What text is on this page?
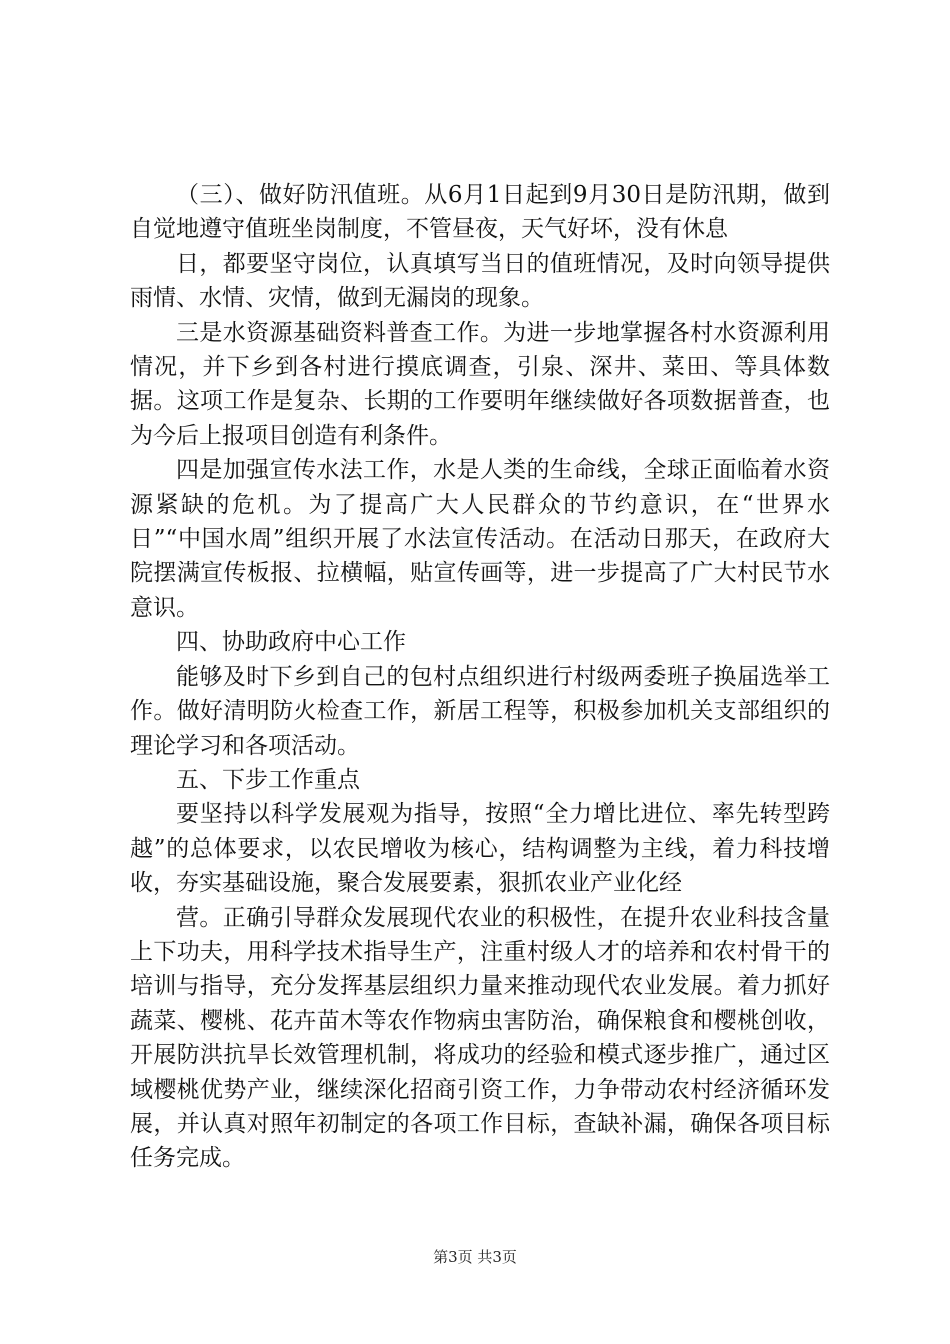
（三）、做好防汛值班。从6月1日起到9月30日是防汛期，做到自觉地遵守值班坐岗制度，不管昼夜，天气好坏，没有休息

日，都要坚守岗位，认真填写当日的值班情况，及时向领导提供雨情、水情、灾情，做到无漏岗的现象。

三是水资源基础资料普查工作。为进一步地掌握各村水资源利用情况，并下乡到各村进行摸底调查，引泉、深井、菜田、等具体数据。这项工作是复杂、长期的工作要明年继续做好各项数据普查，也为今后上报项目创造有利条件。

四是加强宣传水法工作，水是人类的生命线，全球正面临着水资源紧缺的危机。为了提高广大人民群众的节约意识，在“世界水日”“中国水周”组织开展了水法宣传活动。在活动日那天，在政府大院摆满宣传板报、拉横幅，贴宣传画等，进一步提高了广大村民节水意识。

四、协助政府中心工作

能够及时下乡到自己的包村点组织进行村级两委班子换届选举工作。做好清明防火检查工作，新居工程等，积极参加机关支部组织的理论学习和各项活动。

五、下步工作重点

要坚持以科学发展观为指导，按照“全力增比进位、率先转型跨越”的总体要求，以农民增收为核心，结构调整为主线，着力科技增收，夯实基础设施，聚合发展要素，狠抓农业产业化经

营。正确引导群众发展现代农业的积极性，在提升农业科技含量上下功夫，用科学技术指导生产，注重村级人才的培养和农村骨干的培训与指导，充分发挥基层组织力量来推动现代农业发展。着力抓好蔬菜、樱桃、花卉苗木等农作物病虫害防治，确保粮食和樱桃创收，开展防洪抗旱长效管理机制，将成功的经验和模式逐步推广，通过区域樱桃优势产业，继续深化招商引资工作，力争带动农村经济循环发展，并认真对照年初制定的各项工作目标，查缺补漏，确保各项目标任务完成。

第3页 共3页
